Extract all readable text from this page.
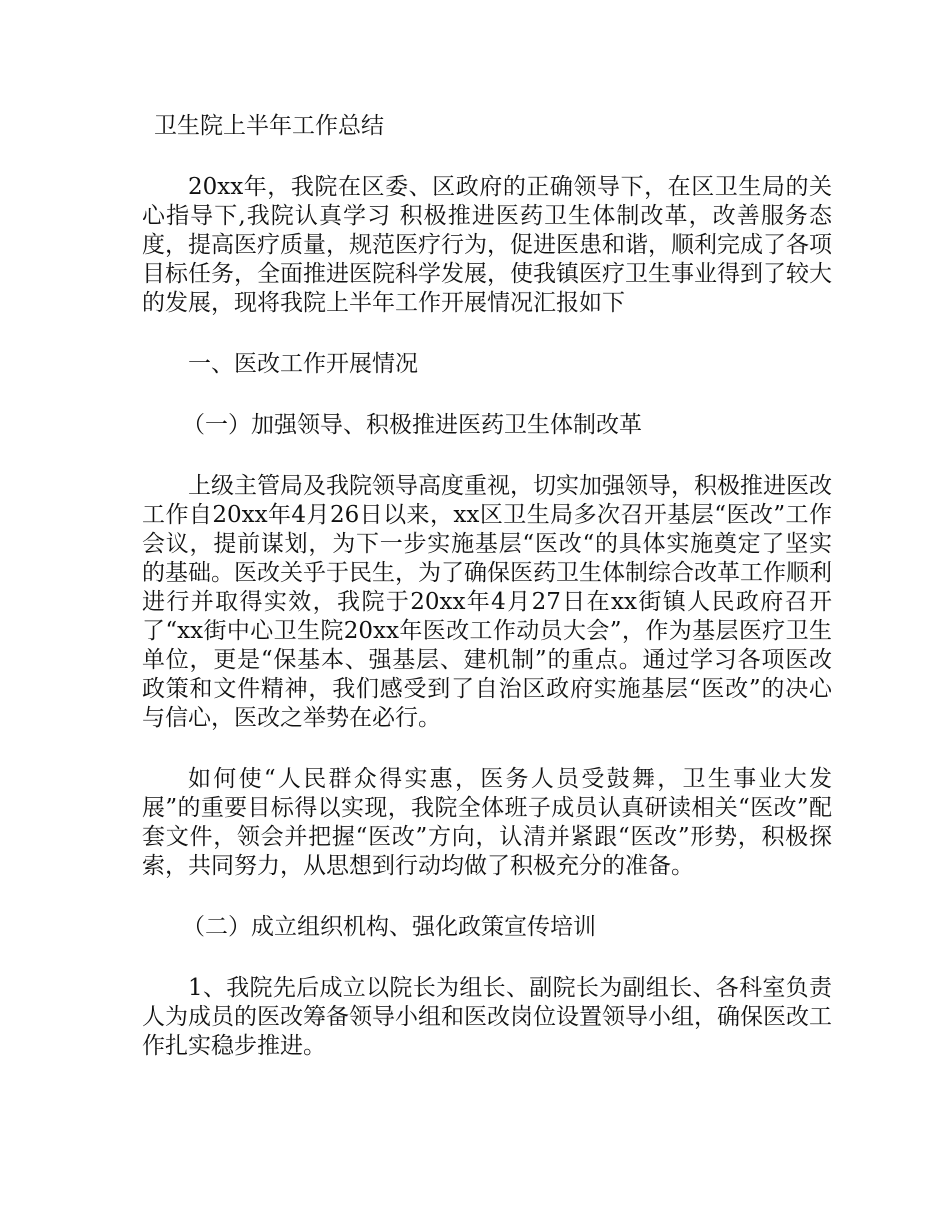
卫生院上半年工作总结
20xx年，我院在区委、区政府的正确领导下，在区卫生局的关心指导下,我院认真学习 积极推进医药卫生体制改革，改善服务态度，提高医疗质量，规范医疗行为，促进医患和谐，顺利完成了各项目标任务，全面推进医院科学发展，使我镇医疗卫生事业得到了较大的发展，现将我院上半年工作开展情况汇报如下
一、医改工作开展情况
（一）加强领导、积极推进医药卫生体制改革
上级主管局及我院领导高度重视，切实加强领导，积极推进医改工作自20xx年4月26日以来，xx区卫生局多次召开基层“医改”工作会议，提前谋划，为下一步实施基层“医改“的具体实施奠定了坚实的基础。医改关乎于民生，为了确保医药卫生体制综合改革工作顺利进行并取得实效，我院于20xx年4月27日在xx街镇人民政府召开了“xx街中心卫生院20xx年医改工作动员大会”，作为基层医疗卫生单位，更是“保基本、强基层、建机制”的重点。通过学习各项医改政策和文件精神，我们感受到了自治区政府实施基层“医改”的决心与信心，医改之举势在必行。
如何使“人民群众得实惠，医务人员受鼓舞，卫生事业大发展”的重要目标得以实现，我院全体班子成员认真研读相关“医改”配套文件，领会并把握“医改”方向，认清并紧跟“医改”形势，积极探索，共同努力，从思想到行动均做了积极充分的准备。
（二）成立组织机构、强化政策宣传培训
1、我院先后成立以院长为组长、副院长为副组长、各科室负责人为成员的医改筹备领导小组和医改岗位设置领导小组，确保医改工作扎实稳步推进。
